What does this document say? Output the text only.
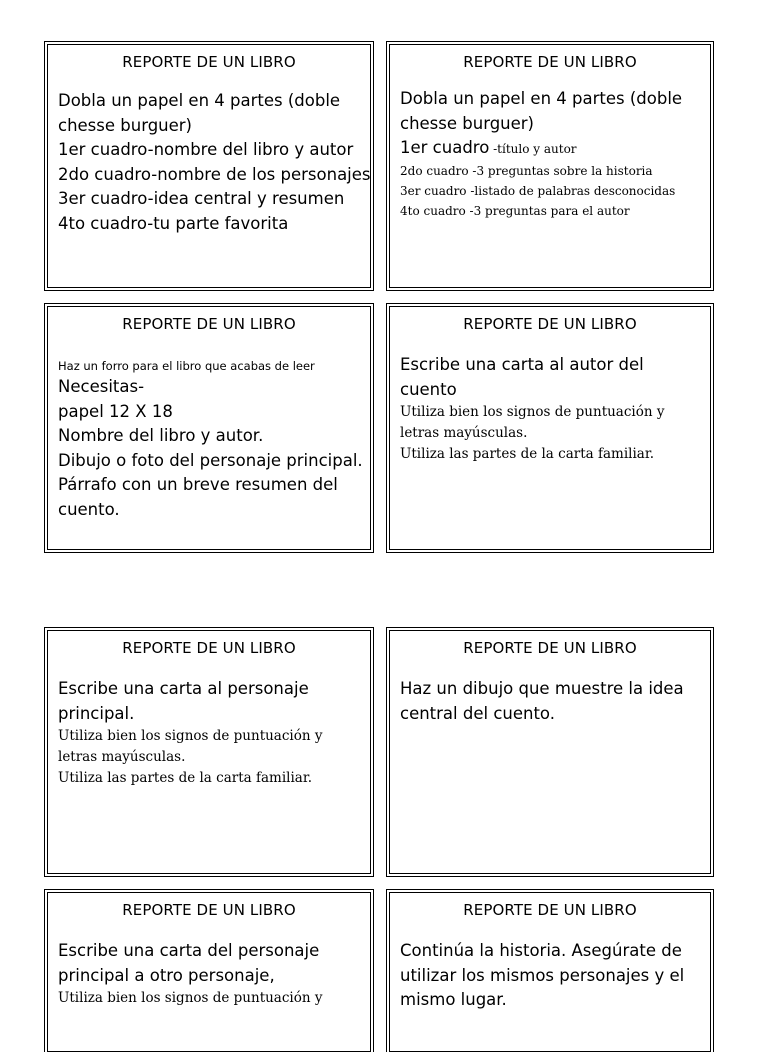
REPORTE DE UN LIBRO
Dobla un papel en 4 partes (doble chesse burguer)
1er cuadro-nombre del libro y autor
2do cuadro-nombre de los personajes
3er cuadro-idea central y resumen
4to cuadro-tu parte favorita
REPORTE DE UN LIBRO
Dobla un papel en 4 partes (doble chesse burguer)
1er cuadro -título y autor
2do cuadro -3 preguntas sobre la historia
3er cuadro -listado de palabras desconocidas
4to cuadro -3 preguntas para el autor
REPORTE DE UN LIBRO
Haz un forro para el libro que acabas de leer
Necesitas-
papel 12 X 18
Nombre del libro y autor.
Dibujo o foto del personaje principal.
Párrafo con un breve resumen del cuento.
REPORTE DE UN LIBRO
Escribe una carta al autor del cuento
Utiliza bien los signos de puntuación y letras mayúsculas.
Utiliza las partes de la carta familiar.
REPORTE DE UN LIBRO
Escribe una carta al personaje principal.
Utiliza bien los signos de puntuación y letras mayúsculas.
Utiliza las partes de la carta familiar.
REPORTE DE UN LIBRO
Haz un dibujo que muestre la idea central del cuento.
REPORTE DE UN LIBRO
Escribe una carta del personaje principal a otro personaje,
Utiliza bien los signos de puntuación y
REPORTE DE UN LIBRO
Continúa la historia. Asegúrate de utilizar los mismos personajes y el mismo lugar.
